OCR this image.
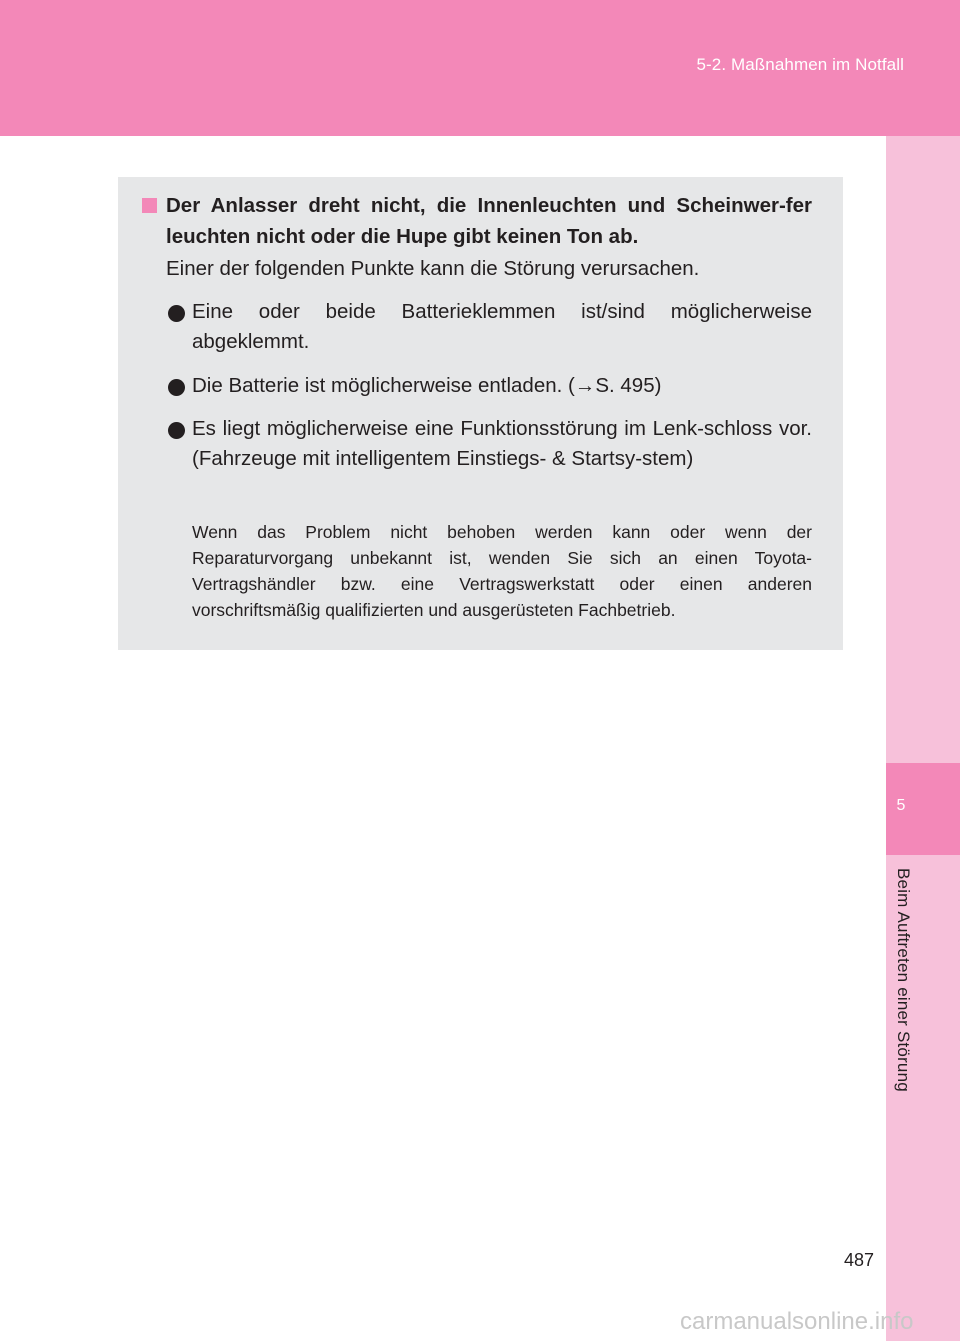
5-2. Maßnahmen im Notfall
5
Beim Auftreten einer Störung
Der Anlasser dreht nicht, die Innenleuchten und Scheinwer-fer leuchten nicht oder die Hupe gibt keinen Ton ab.
Einer der folgenden Punkte kann die Störung verursachen.
Eine oder beide Batterieklemmen ist/sind möglicherweise abgeklemmt.
Die Batterie ist möglicherweise entladen. (→S. 495)
Es liegt möglicherweise eine Funktionsstörung im Lenk-schloss vor. (Fahrzeuge mit intelligentem Einstiegs- & Startsy-stem)
Wenn das Problem nicht behoben werden kann oder wenn der Reparaturvorgang unbekannt ist, wenden Sie sich an einen Toyota-Vertragshändler bzw. eine Vertragswerkstatt oder einen anderen vorschriftsmäßig qualifizierten und ausgerüsteten Fachbetrieb.
487
carmanualsonline.info
